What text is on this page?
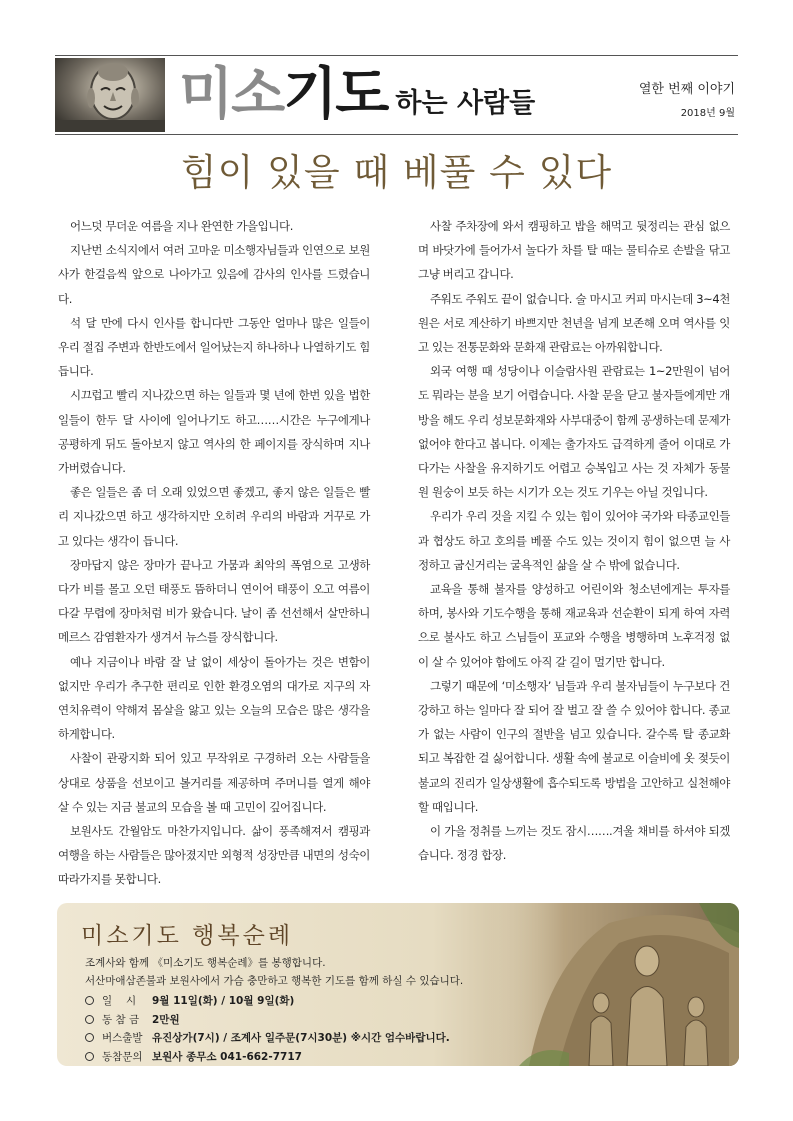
미소기도 하는 사람들	열한 번째 이야기
2018년 9월
힘이 있을 때 베풀 수 있다

어느덧 무더운 여름을 지나 완연한 가을입니다.

지난번 소식지에서 여러 고마운 미소행자님들과 인연으로 보원사가 한걸음씩 앞으로 나아가고 있음에 감사의 인사를 드렸습니다.

석 달 만에 다시 인사를 합니다만 그동안 얼마나 많은 일들이 우리 절집 주변과 한반도에서 일어났는지 하나하나 나열하기도 힘듭니다.

시끄럽고 빨리 지나갔으면 하는 일들과 몇 년에 한번 있을 법한 일들이 한두 달 사이에 일어나기도 하고……시간은 누구에게나 공평하게 뒤도 돌아보지 않고 역사의 한 페이지를 장식하며 지나가버렸습니다.

좋은 일들은 좀 더 오래 있었으면 좋겠고, 좋지 않은 일들은 빨리 지나갔으면 하고 생각하지만 오히려 우리의 바람과 거꾸로 가고 있다는 생각이 듭니다.

장마답지 않은 장마가 끝나고 가뭄과 최악의 폭염으로 고생하다가 비를 몰고 오던 태풍도 뜸하더니 연이어 태풍이 오고 여름이 다갈 무렵에 장마처럼 비가 왔습니다. 날이 좀 선선해서 살만하니 메르스 감염환자가 생겨서 뉴스를 장식합니다.

예나 지금이나 바람 잘 날 없이 세상이 돌아가는 것은 변함이 없지만 우리가 추구한 편리로 인한 환경오염의 대가로 지구의 자연치유력이 약해져 몸살을 앓고 있는 오늘의 모습은 많은 생각을 하게합니다.

사찰이 관광지화 되어 있고 무작위로 구경하러 오는 사람들을 상대로 상품을 선보이고 볼거리를 제공하며 주머니를 열게 해야 살 수 있는 지금 불교의 모습을 볼 때 고민이 깊어집니다.

보원사도 간월암도 마찬가지입니다. 삶이 풍족해져서 캠핑과 여행을 하는 사람들은 많아졌지만 외형적 성장만큼 내면의 성숙이 따라가지를 못합니다.

사찰 주차장에 와서 캠핑하고 밥을 해먹고 뒷정리는 관심 없으며 바닷가에 들어가서 놀다가 차를 탈 때는 물티슈로 손발을 닦고 그냥 버리고 갑니다.

주워도 주워도 끝이 없습니다. 술 마시고 커피 마시는데 3~4천원은 서로 계산하기 바쁘지만 천년을 넘게 보존해 오며 역사를 잇고 있는 전통문화와 문화재 관람료는 아까워합니다.

외국 여행 때 성당이나 이슬람사원 관람료는 1~2만원이 넘어도 뭐라는 분을 보기 어렵습니다. 사찰 문을 닫고 불자들에게만 개방을 해도 우리 성보문화재와 사부대중이 함께 공생하는데 문제가 없어야 한다고 봅니다. 이제는 출가자도 급격하게 줄어 이대로 가다가는 사찰을 유지하기도 어렵고 승복입고 사는 것 자체가 동물원 원숭이 보듯 하는 시기가 오는 것도 기우는 아닐 것입니다.

우리가 우리 것을 지킬 수 있는 힘이 있어야 국가와 타종교인들과 협상도 하고 호의를 베풀 수도 있는 것이지 힘이 없으면 늘 사정하고 굽신거리는 굴욕적인 삶을 살 수 밖에 없습니다.

교육을 통해 불자를 양성하고 어린이와 청소년에게는 투자를 하며, 봉사와 기도수행을 통해 재교육과 선순환이 되게 하여 자력으로 불사도 하고 스님들이 포교와 수행을 병행하며 노후걱정 없이 살 수 있어야 함에도 아직 갈 길이 멀기만 합니다.

그렇기 때문에 ‘미소행자’ 님들과 우리 불자님들이 누구보다 건강하고 하는 일마다 잘 되어 잘 벌고 잘 쓸 수 있어야 합니다. 종교가 없는 사람이 인구의 절반을 넘고 있습니다. 갈수록 탈 종교화 되고 복잡한 걸 싫어합니다. 생활 속에 불교로 이슬비에 옷 젖듯이 불교의 진리가 일상생활에 흡수되도록 방법을 고안하고 실천해야 할 때입니다.

이 가을 정취를 느끼는 것도 잠시…….겨울 채비를 하셔야 되겠습니다. 정경 합장.

미소기도 행복순례
조계사와 함께 《미소기도 행복순례》를 봉행합니다.
서산마애삼존불과 보원사에서 가슴 충만하고 행복한 기도를 함께 하실 수 있습니다.
일　 시 9월 11일(화) / 10월 9일(화)
동 참 금 2만원
버스출발 유진상가(7시) / 조계사 일주문(7시30분) ※시간 엄수바랍니다.
동참문의 보원사 종무소 041-662-7717
